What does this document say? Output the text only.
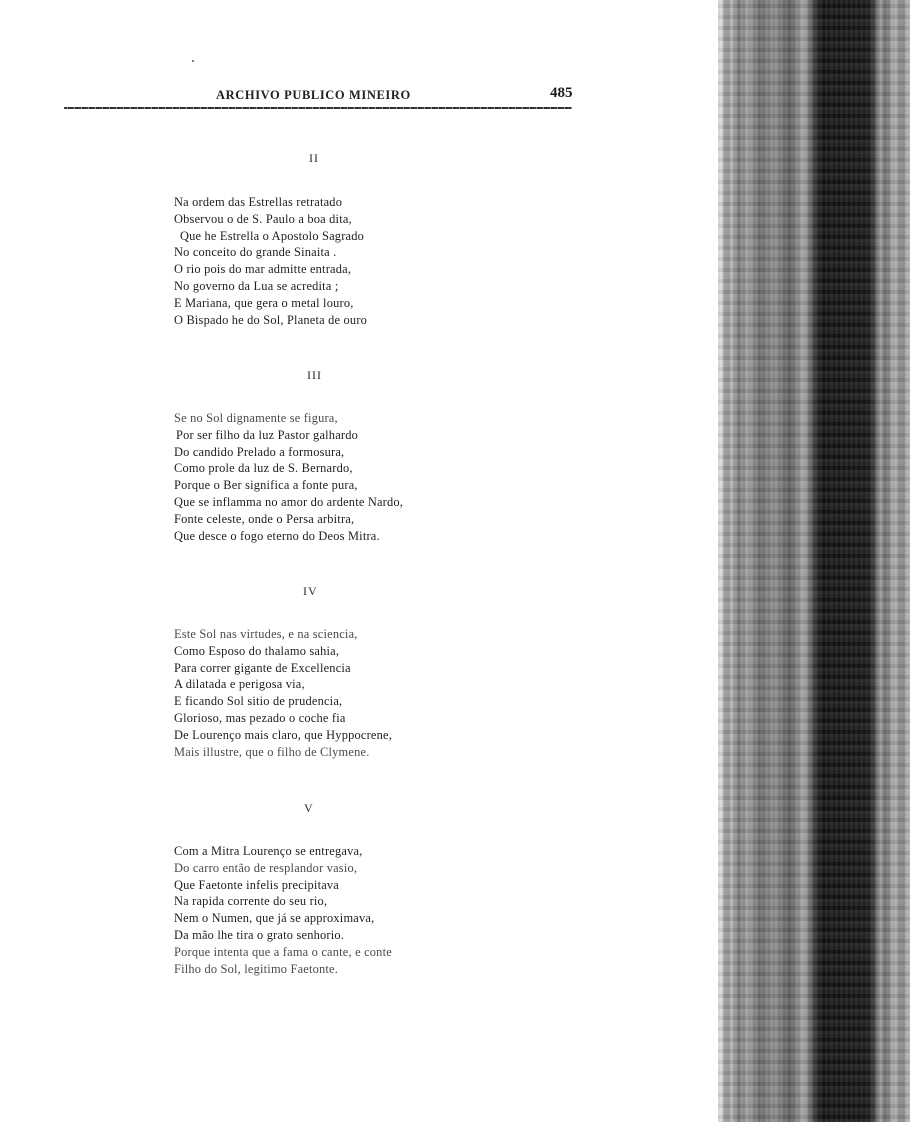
ARCHIVO PUBLICO MINEIRO	485
II
Na ordem das Estrellas retratado
Observou o de S. Paulo a boa dita,
Que he Estrella o Apostolo Sagrado
No conceito do grande Sinaita .
O rio pois do mar admitte entrada,
No governo da Lua se acredita ;
E Mariana, que gera o metal louro,
O Bispado he do Sol, Planeta de ouro
III
Se no Sol dignamente se figura,
Por ser filho da luz Pastor galhardo
Do candido Prelado a formosura,
Como prole da luz de S. Bernardo,
Porque o Ber significa a fonte pura,
Que se inflamma no amor do ardente Nardo,
Fonte celeste, onde o Persa arbitra,
Que desce o fogo eterno do Deos Mitra.
IV
Este Sol nas virtudes, e na sciencia,
Como Esposo do thalamo sahia,
Para correr gigante de Excellencia
A dilatada e perigosa via,
E ficando Sol sitio de prudencia,
Glorioso, mas pezado o coche fia
De Lourenço mais claro, que Hyppocrene,
Mais illustre, que o filho de Clymene.
V
Com a Mitra Lourenço se entregava,
Do carro então de resplandor vasio,
Que Faetonte infelis precipitava
Na rapida corrente do seu rio,
Nem o Numen, que já se approximava,
Da mão lhe tira o grato senhorio.
Porque intenta que a fama o cante, e conte
Filho do Sol, legitimo Faetonte.
